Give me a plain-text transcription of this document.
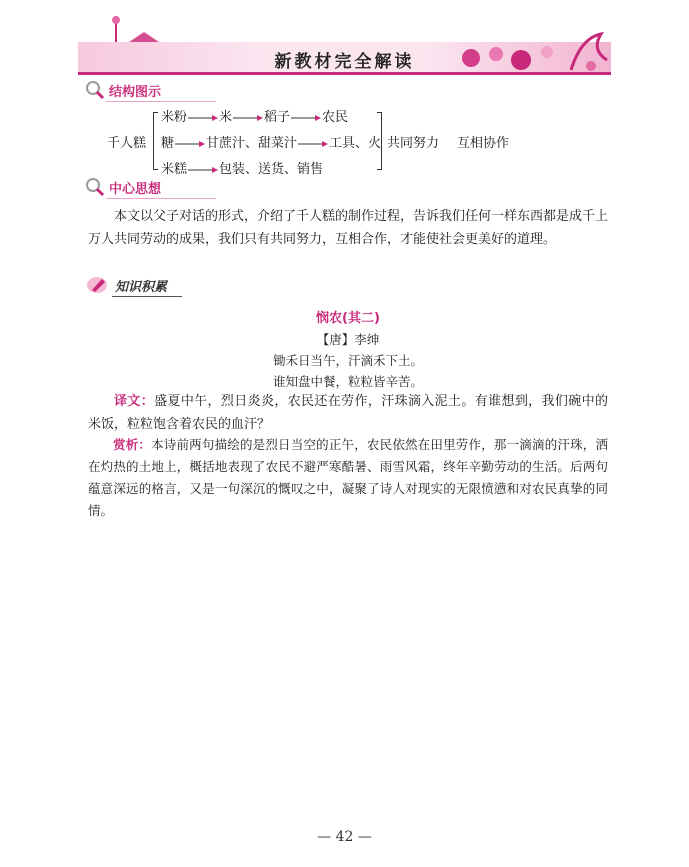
新教材完全解读
结构图示
千人糕
米粉 米 稻子 农民
糖 甘蔗汁、甜菜汁 工具、火
米糕 包装、送货、销售
共同努力 互相协作
中心思想

本文以父子对话的形式，介绍了千人糕的制作过程，告诉我们任何一样东西都是成千上万人共同劳动的成果，我们只有共同努力，互相合作，才能使社会更美好的道理。

知识积累
悯农(其二)
【唐】李绅
锄禾日当午，汗滴禾下土。
谁知盘中餐，粒粒皆辛苦。

译文：盛夏中午，烈日炎炎，农民还在劳作，汗珠滴入泥土。有谁想到，我们碗中的米饭，粒粒饱含着农民的血汗？

赏析：本诗前两句描绘的是烈日当空的正午，农民依然在田里劳作，那一滴滴的汗珠，洒在灼热的土地上，概括地表现了农民不避严寒酷暑、雨雪风霜，终年辛勤劳动的生活。后两句蕴意深远的格言，又是一句深沉的慨叹之中，凝聚了诗人对现实的无限愤懑和对农民真挚的同情。

— 42 —
